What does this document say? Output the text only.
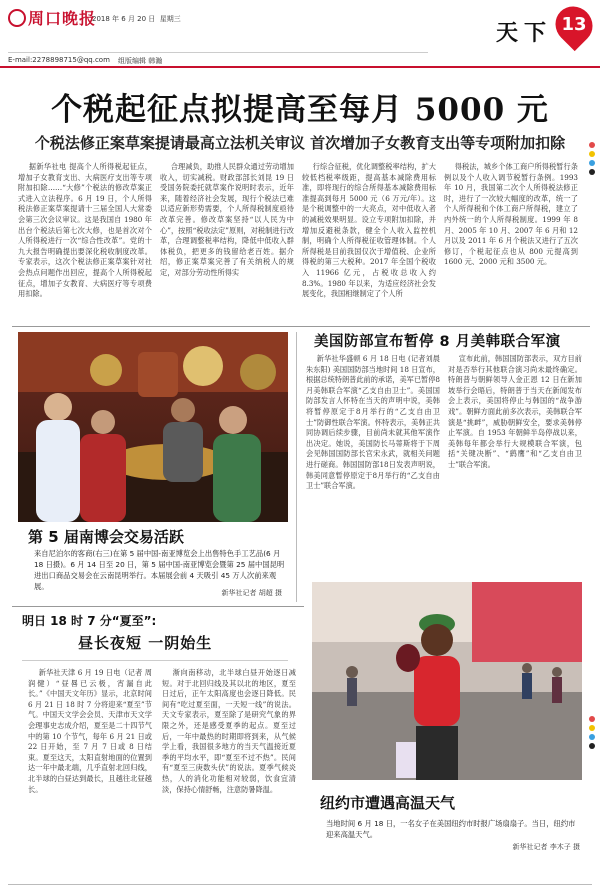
周口晚报
2018 年 6 月 20 日 星期三
E-mail:2278898715@qq.com 组版编辑 韩瀚
天下 13
个税起征点拟提高至每月 5000 元
个税法修正案草案提请最高立法机关审议 首次增加子女教育支出等专项附加扣除
据新华社电 提高个人所得税起征点，增加子女教育支出、大病医疗支出等专项附加扣除……“大修”个税法的修改草案正式进入立法程序。6 月 19 日，个人所得税法修正案草案提请十三届全国人大常委会第三次会议审议。这是我国自 1980 年出台个税法后第七次大修，也是首次对个人所得税进行一次“综合性改革”。党的十九大报告明确提出要深化税收制度改革。专家表示，这次个税法修正案草案针对社会热点问题作出回应，提高个人所得税起征点，增加子女教育、大病医疗等专项费用扣除。
合理减负，助推人民群众通过劳动增加收入，切实减税。财政部部长刘昆 19 日受国务院委托就草案作说明时表示，近年来，随着经济社会发展，现行个税法已难以适应新形势需要，个人所得税制度亟待改革完善。修改草案坚持“以人民为中心”，按照“税收法定”原则，对税制进行改革，合理调整税率结构，降低中低收入群体税负，把更多的钱留给老百姓。据介绍，修正案草案完善了有关纳税人的规定，对部分劳动性所得实
行综合征税，优化调整税率结构，扩大较低档税率级距，提高基本减除费用标准，即将现行的综合所得基本减除费用标准提高到每月 5000 元（6 万元/年）。这是个税调整中的一大亮点，对中低收入者的减税效果明显。设立专项附加扣除，并增加反避税条款，健全个人收入监控机制，明确个人所得税征收管理体制。个人所得税是目前我国仅次于增值税、企业所得税的第三大税种。2017 年全国个税收入 11966 亿元，占税收总收入约 8.3%。1980 年以来，为适应经济社会发展变化，我国相继制定了个人所
得税法，城乡个体工商户所得税暂行条例以及个人收入调节税暂行条例。1993 年 10 月，我国第二次个人所得税法修正时，进行了一次较大幅度的改革，统一了个人所得税和个体工商户所得税，建立了内外统一的个人所得税制度。1999 年 8 月、2005 年 10 月、2007 年 6 月和 12 月以及 2011 年 6 月个税法又进行了五次修订，个税起征点也从 800 元提高到 1600 元、2000 元和 3500 元。
第 5 届南博会交易活跃
来自尼泊尔的客商(右三)在第 5 届中国-南亚博览会上出售特色手工艺品(6 月 18 日摄)。6 月 14 日至 20 日，第 5 届中国-南亚博览会暨第 25 届中国昆明进出口商品交易会在云南昆明举行。本届展会前 4 天吸引 45 万人次前来观展。
新华社记者 胡超 摄
美国防部宣布暂停 8 月美韩联合军演
新华社华盛顿 6 月 18 日电 (记者刘晨 朱东阳) 美国国防部当地时间 18 日宣布，根据总统特朗普此前的承诺，美军已暂停8月美韩联合军演“乙支自由卫士”。美国国防部发言人怀特在当天的声明中说，美韩将暂停原定于8月举行的“乙支自由卫士”防御性联合军演。怀特表示，美韩正共同协调后续步骤，目前尚未就其他军演作出决定。她说，美国防长马蒂斯将于下周会见韩国国防部长官宋永武，就相关问题进行磋商。韩国国防部18日发表声明说，韩美同意暂停原定于8月举行的“乙支自由卫士”联合军演。
宣布此前，韩国国防部表示，双方目前对是否举行其他联合演习尚未最终确定。特朗普与朝鲜领导人金正恩 12 日在新加坡举行会晤后，特朗普于当天在新闻发布会上表示，美国将停止与韩国的“战争游戏”。朝鲜方面此前多次表示，美韩联合军演是“挑衅”，威胁朝鲜安全，要求美韩停止军演。自 1953 年朝鲜半岛停战以来，美韩每年都会举行大规模联合军演，包括“关键决断”、“鹞鹰”和“乙支自由卫士”联合军演。
明日 18 时 7 分“夏至”:
昼长夜短 一阴始生
新华社天津 6 月 19 日电（记者 周润健）“昼晷已云极，宵漏自此长。”《中国天文年历》显示，北京时间 6 月 21 日 18 时 7 分将迎来“夏至”节气。中国天文学会会员、天津市天文学会理事史志成介绍，夏至是二十四节气中的第 10 个节气，每年 6 月 21 日或 22 日开始，至 7 月 7 日或 8 日结束。夏至这天，太阳直射地面的位置到达一年中最北端，几乎直射北回归线，北半球的白昼达到最长，且越往北昼越长。
渐向南移动，北半球白昼开始逐日减短。对于北回归线及其以北的地区，夏至日过后，正午太阳高度也会逐日降低。民间有“吃过夏至面，一天短一线”的说法。天文专家表示，夏至除了是研究气象的界限之外，还是感受夏季的起点。夏至过后，一年中最热的时期即将到来，从气候学上看，我国很多地方的当天气温接近夏季的平均水平，即“夏至不过不热”。民间有“夏至三庚数头伏”的说法。夏季气候炎热，人的消化功能相对较弱，饮食宜清淡，保持心情舒畅，注意防暑降温。
纽约市遭遇高温天气
当地时间 6 月 18 日，一名女子在美国纽约市时报广场扇扇子。当日，纽约市迎来高温天气。
新华社记者 李木子 摄
